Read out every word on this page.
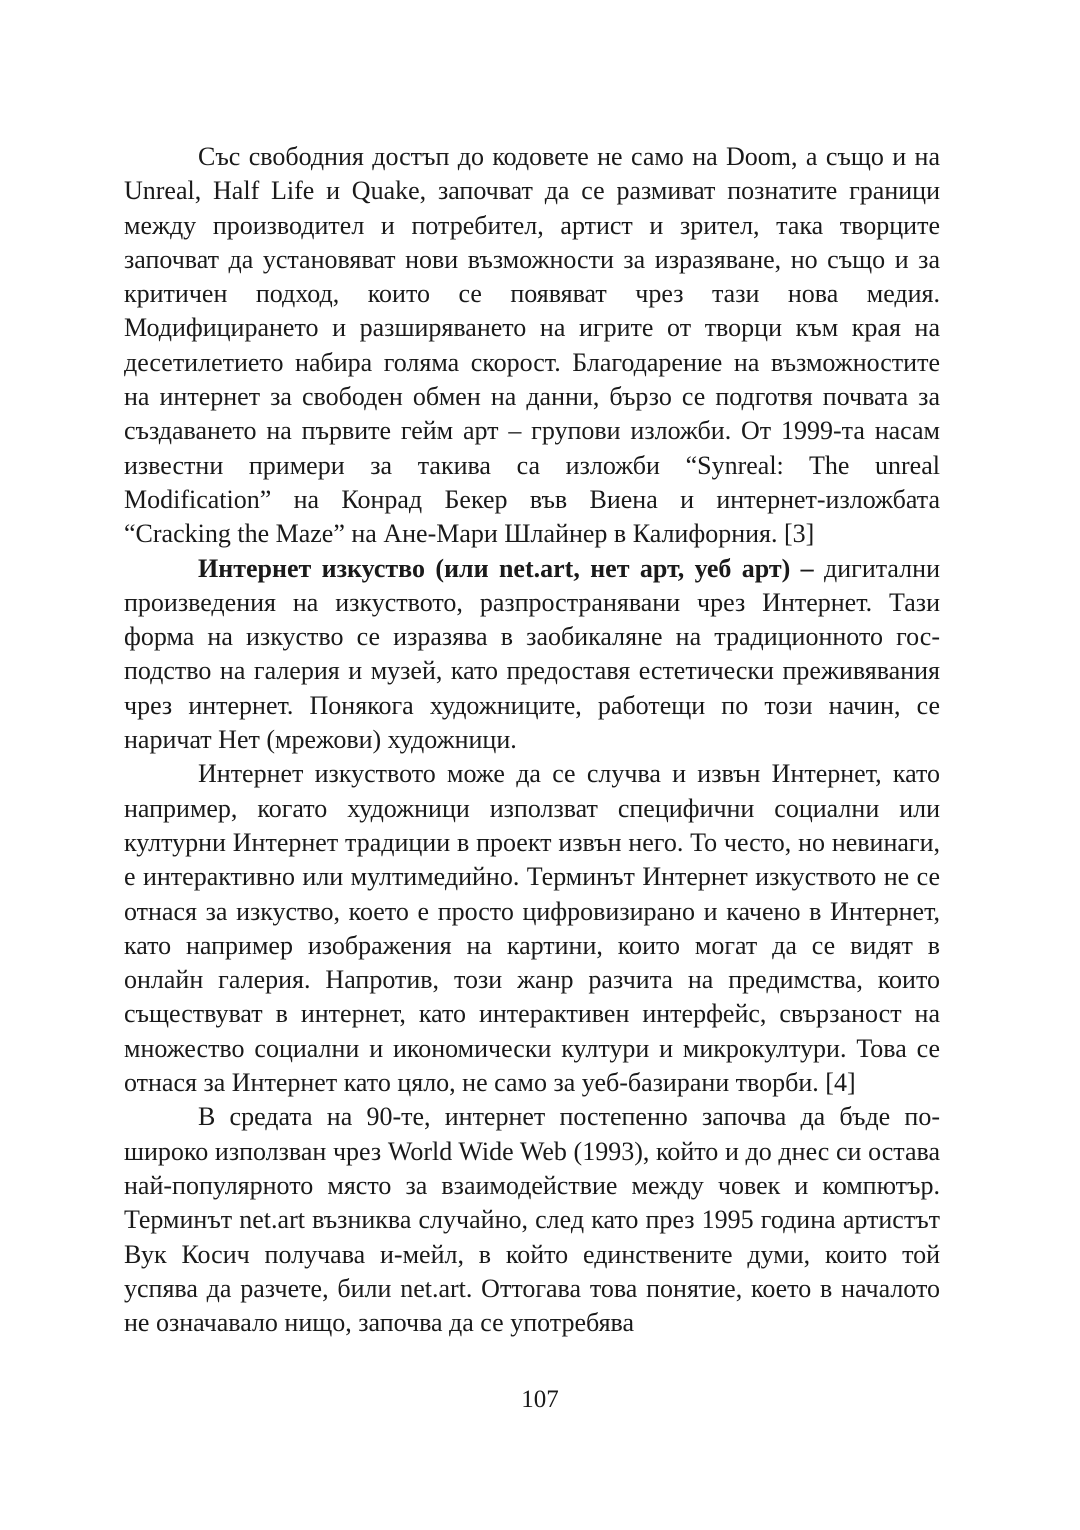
Със свободния достъп до кодовете не само на Doom, а също и на Unreal, Half Life и Quake, започват да се размиват познатите граници между производител и потребител, артист и зрител, така творците започват да установяват нови възможности за изразяване, но също и за критичен подход, които се появяват чрез тази нова медия. Модифицирането и разширяването на игрите от творци към края на десетилетието набира голяма скорост. Благодарение на възможностите на интернет за свободен обмен на данни, бързо се подготвя почвата за създаването на първите гейм арт – групови изложби. От 1999-та насам известни примери за такива са изложби “Synreal: The unreal Modification” на Конрад Бекер във Виена и интернет-изложбата “Cracking the Maze” на Ане-Мари Шлайнер в Калифорния. [3]

Интернет изкуство (или net.art, нет арт, уеб арт) – дигитални произведения на изкуството, разпространявани чрез Интернет. Тази форма на изкуство се изразява в заобикаляне на традиционното господство на галерия и музей, като предоставя естетически преживявания чрез интернет. Понякога художниците, работещи по този начин, се наричат Нет (мрежови) художници.

Интернет изкуството може да се случва и извън Интернет, като например, когато художници използват специфични социални или културни Интернет традиции в проект извън него. То често, но невинаги, е интерактивно или мултимедийно. Терминът Интернет изкуството не се отнася за изкуство, което е просто цифровизирано и качено в Интернет, като например изображения на картини, които могат да се видят в онлайн галерия. Напротив, този жанр разчита на предимства, които съществуват в интернет, като интерактивен интерфейс, свързаност на множество социални и икономически култури и микрокултури. Това се отнася за Интернет като цяло, не само за уеб-базирани творби. [4]

В средата на 90-те, интернет постепенно започва да бъде по-широко използван чрез World Wide Web (1993), който и до днес си остава най-популярното място за взаимодействие между човек и компютър. Терминът net.art възниква случайно, след като през 1995 година артистът Вук Косич получава и-мейл, в който единствените думи, които той успява да разчете, били net.art. Оттогава това понятие, което в началото не означавало нищо, започва да се употребява

107
